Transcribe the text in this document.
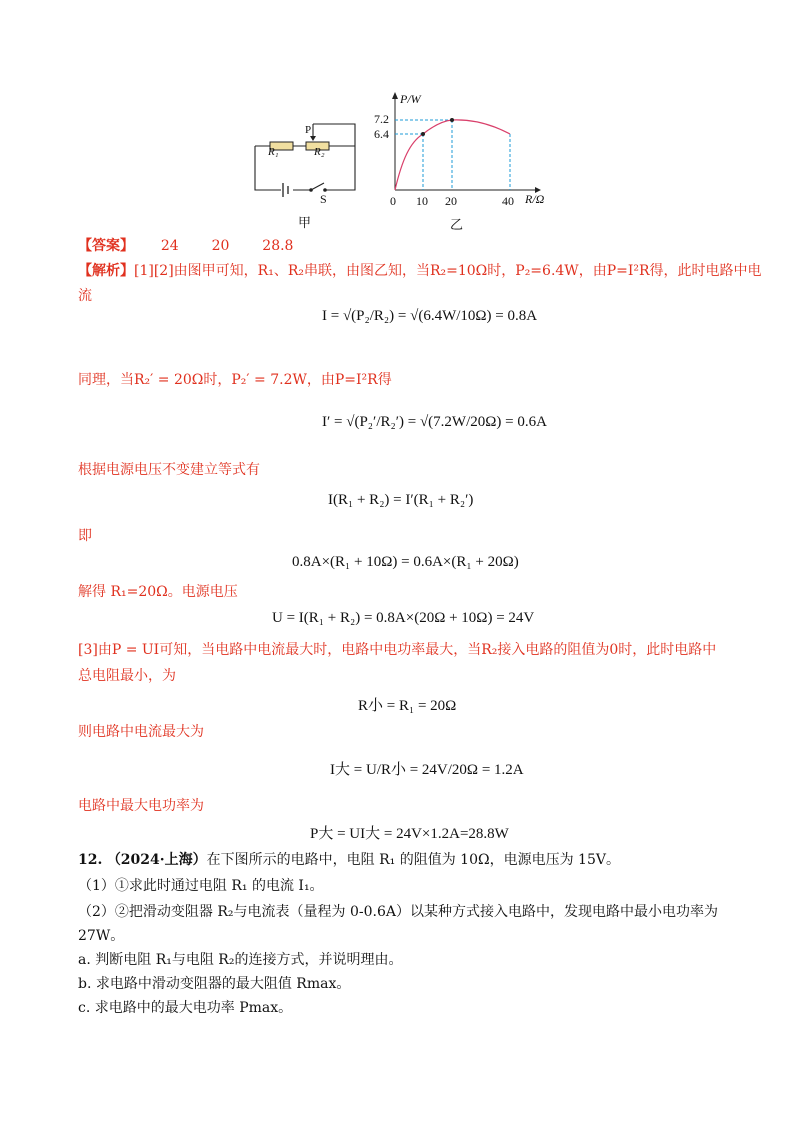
R₁	R₂
P
S
甲
P/W
R/Ω
7.2
6.4
0 10 20	40
乙
【答案】 24 20 28.8
【解析】[1][2]由图甲可知，R₁、R₂串联，由图乙知，当R₂=10Ω时，P₂=6.4W，由P=I²R得，此时电路中电
流
I = √(P₂/R₂) = √(6.4W/10Ω) = 0.8A
同理，当R₂′ = 20Ω时，P₂′ = 7.2W，由P=I²R得
I′ = √(P₂′/R₂′) = √(7.2W/20Ω) = 0.6A
根据电源电压不变建立等式有
I(R₁ + R₂) = I′(R₁ + R₂′)
即
0.8A×(R₁ + 10Ω) = 0.6A×(R₁ + 20Ω)
解得 R₁=20Ω。电源电压
U = I(R₁ + R₂) = 0.8A×(20Ω + 10Ω) = 24V
[3]由P = UI可知，当电路中电流最大时，电路中电功率最大，当R₂接入电路的阻值为0时，此时电路中
总电阻最小，为
R小 = R₁ = 20Ω
则电路中电流最大为
I大 = U/R小 = 24V/20Ω = 1.2A
电路中最大电功率为
P大 = UI大 = 24V×1.2A=28.8W
12. （2024·上海）在下图所示的电路中，电阻 R₁ 的阻值为 10Ω，电源电压为 15V。
（1）①求此时通过电阻 R₁ 的电流 I₁。
（2）②把滑动变阻器 R₂与电流表（量程为 0-0.6A）以某种方式接入电路中，发现电路中最小电功率为
27W。
a. 判断电阻 R₁与电阻 R₂的连接方式，并说明理由。
b. 求电路中滑动变阻器的最大阻值 Rmax。
c. 求电路中的最大电功率 Pmax。
